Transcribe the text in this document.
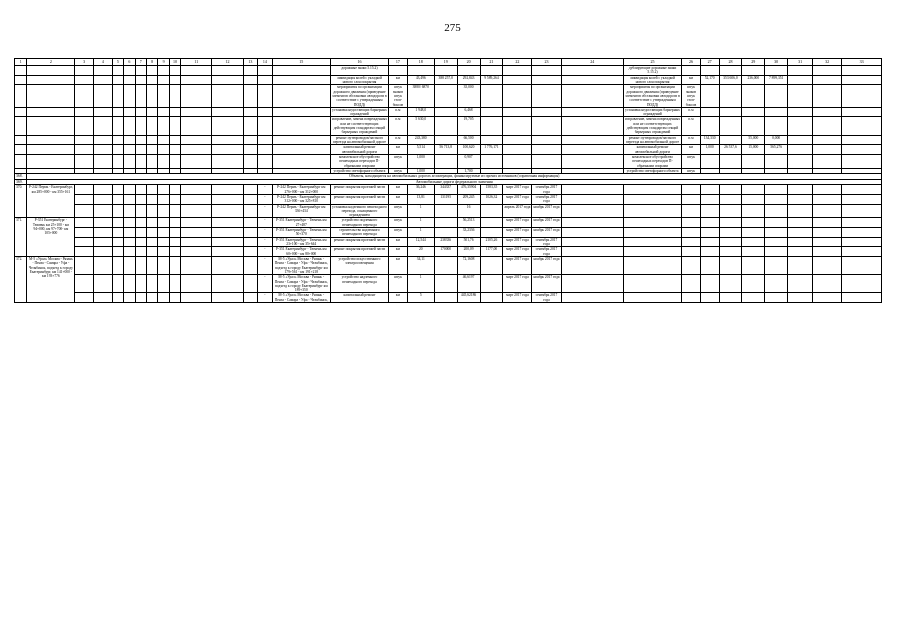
275
1	2	3	4	5	6	7	8	9	10	11	12	13	14	15	16	17	18	19	20	21	22	23	24	25	26	27	28	29	30	31	32	33
															дорожные знаки 5.15.2)									дублирующие дорожные знаки 5.15.2)								
															ликвидация колей с укладкой нового слоя покрытия	км	43,496	388 257,0	292,843	9 589,264				ликвидация колей с укладкой нового слоя покрытия	км	52,170	353 606,0	236,000	7 899,351			
															мероприятия по организации дорожного движения (приведение элементов обстановки автодороги в соответствие с утвержденным ПОДД)	штук знаков штук стоп-боксов	3880/ 6870		35,000					мероприятия по организации дорожного движения (приведение элементов обстановки автодороги в соответствие с утвержденным ПОДД)	штук знаков штук стоп-боксов							
															установка недостающих барьерных ограждений	п.м	1 948,0		6,468					установка недостающих барьерных ограждений	п.м							
															исправление, замена поврежденных или не соответствующих действующим стандартам секций барьерных ограждений	п.м	5 630,0		19,705					исправление, замена поврежденных или не соответствующих действующим стандартам секций барьерных ограждений	п.м							
															ремонт путепроводов/частного переезда на автомобильной дороге	п.м	243,380		66,500					ремонт путепроводов/частного переезда на автомобильной дороге	п.м	134,330		55,000	0,000			
															капитальный ремонт автомобильной дороги	км	5,514	56 713,8	100,620	1 776,171				капитальный ремонт автомобильной дороги	км	1,000	26 537,6	15,000	565,276			
															комплексное обустройство пешеходных переходов П-образными опорами	штук	1,000		0,907					комплексное обустройство пешеходных переходов П-образными опорами	штук							
															устройство светофорного объекта	штук	1,000		1,700					устройство светофорного объекта	штук							
368.	Объекты, находящиеся на автомобильных дорогах агломерации, финансируемые из прочих источников (справочная информация)																															
369.	Автомобильные дороги федерального значения																															
370.	Р-242 Пермь - Екатеринбург, км 285+000 - км 355+161												-	Р-242 Пермь - Екатеринбург км 276+000 - км 312+000	ремонт покрытия проезжей части	км	36,246	344337	476,35904	1583,35	март 2017 года	сентябрь 2017 года										
													-	Р-242 Пермь - Екатеринбург км 312+000 - км 325+810	ремонт покрытия проезжей части	км	13,81	131195	209,245	1026,32	март 2017 года	сентябрь 2017 года										
													-	Р-242 Пермь - Екатеринбург км 336+434	установка надземного пешеходного перехода, оснащенного ограждением	штук	1		16		апрель 2017 года	ноябрь 2017 года										
371.	Р-351 Екатеринбург - Тюмень км 25+100 - км 94+000, км 97+700- км 105+000												-	Р-351 Екатеринбург - Тюмень км 27+487	устройство подземного пешеходного перехода	штук	1		56,2513		март 2017 года	ноябрь 2017 года										
													-	Р-351 Екатеринбург - Тюмень км 50+370	строительство надземного пешеходного перехода	штук	1		33,2336		март 2017 года	ноябрь 2017 года										
													-	Р-351 Екатеринбург - Тюмень км 23+100 - км 35+644	ремонт покрытия проезжей части	км	12,544	238336	501,76	2105,26	март 2017 года	сентябрь 2017 года										
													-	Р-351 Екатеринбург - Тюмень км 60+000 - км 80+000	ремонт покрытия проезжей части	км	20	170000	200,09	1177,00	март 2017 года	сентябрь 2017 года										
372.	М-5 «Урал» Москва - Рязань - Пенза - Самара - Уфа - Челябинск, подъезд к городу Екатеринбург, км 141+000 - км 193+776												-	М-5 «Урал» Москва - Рязань - Пенза - Самара - Уфа - Челябинск, подъезд к городу Екатеринбург км 179+561 - км 191+218	устройство искусственного электроосвещения	км	34,11		72,1608		март 2017 года	ноябрь 2017 года										
													-	М-5 «Урал» Москва - Рязань - Пенза - Самара - Уфа - Челябинск, подъезд к городу Екатеринбург км 189+350	устройство надземного пешеходного перехода	штук	1		46,6197		март 2017 года	ноябрь 2017 года										
													-	М-5 «Урал» Москва - Рязань - Пенза - Самара - Уфа - Челябинск,	капитальный ремонт	км	5		445,62186		март 2017 года	сентябрь 2017 года										
